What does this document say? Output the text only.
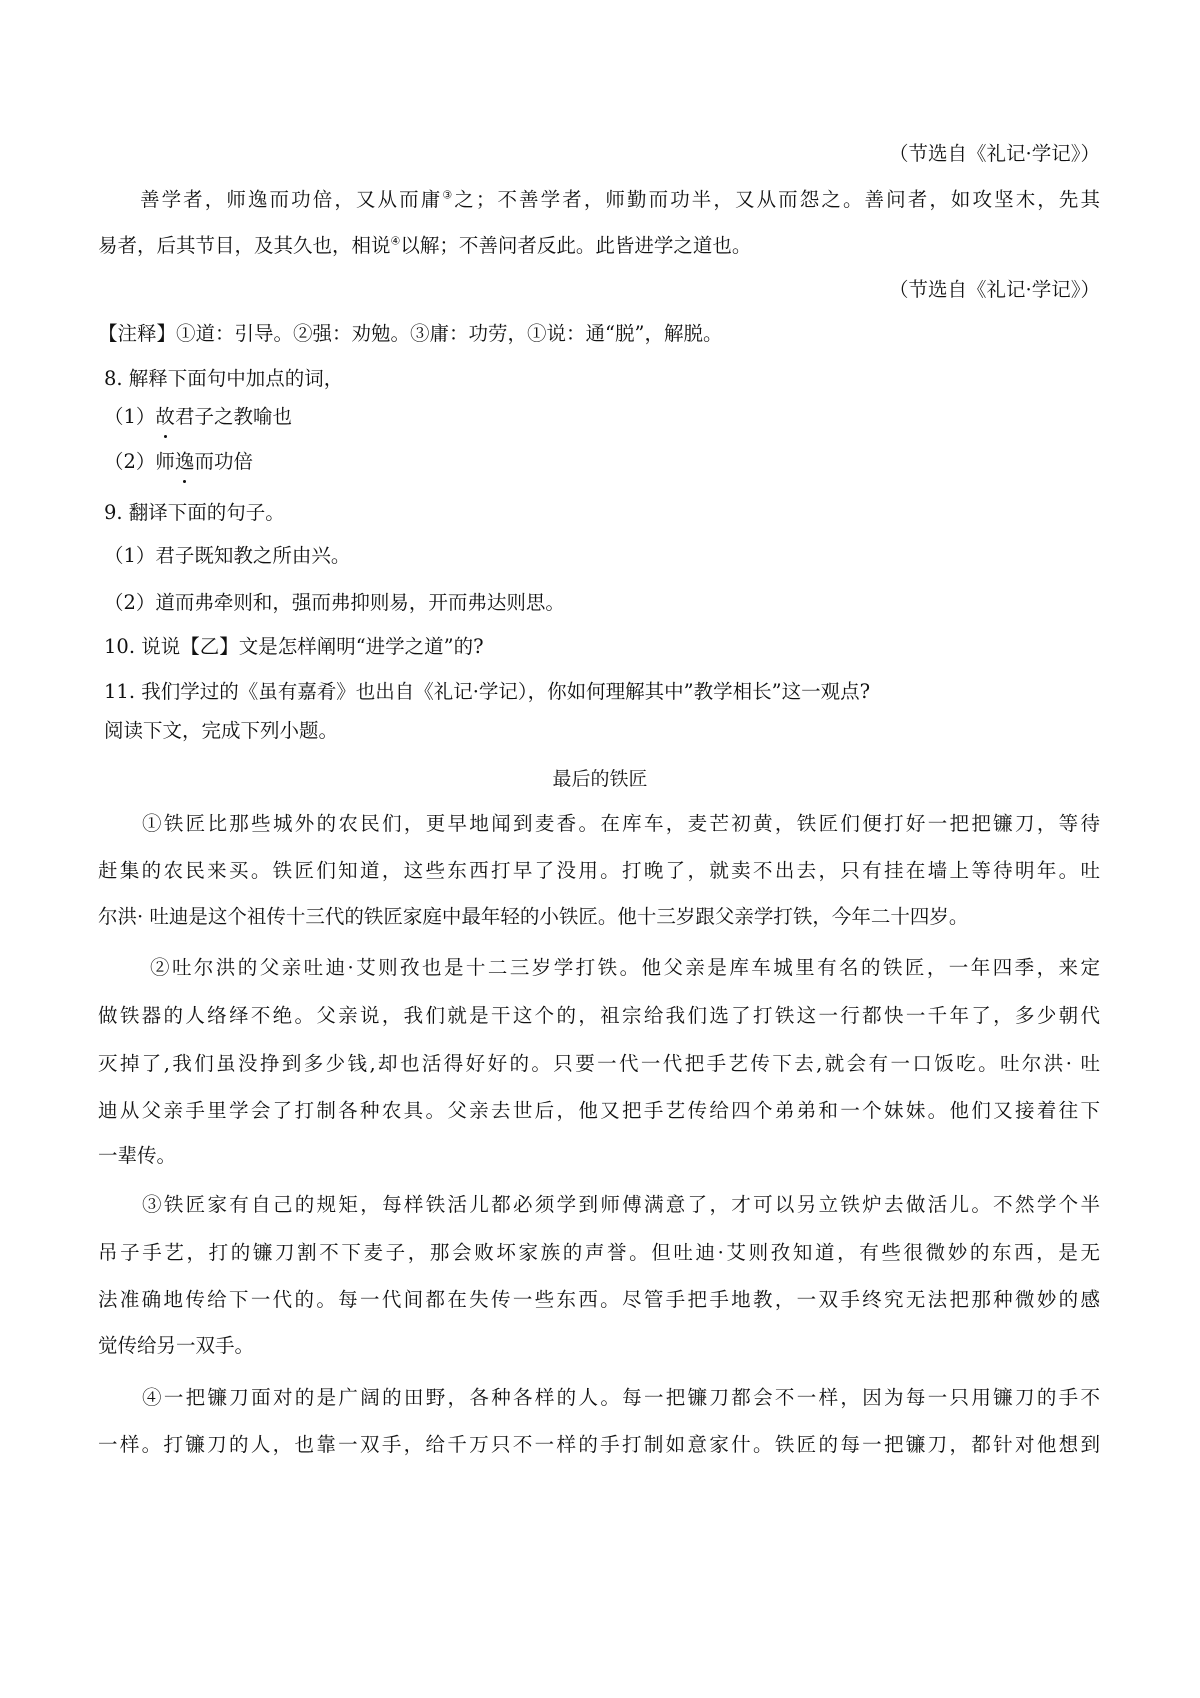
（节选自《礼记·学记》）
善学者，师逸而功倍，又从而庸③之；不善学者，师勤而功半，又从而怨之。善问者，如攻坚木，先其
易者，后其节目，及其久也，相说④以解；不善问者反此。此皆进学之道也。
（节选自《礼记·学记》）
【注释】①道：引导。②强：劝勉。③庸：功劳，①说：通“脱”，解脱。
8. 解释下面句中加点的词，
（1）故君子之教喻也
（2）师逸而功倍
9. 翻译下面的句子。
（1）君子既知教之所由兴。
（2）道而弗牵则和，强而弗抑则易，开而弗达则思。
10. 说说【乙】文是怎样阐明“进学之道”的?
11. 我们学过的《虽有嘉肴》也出自《礼记·学记），你如何理解其中”教学相长”这一观点?
阅读下文，完成下列小题。
最后的铁匠
①铁匠比那些城外的农民们，更早地闻到麦香。在库车，麦芒初黄，铁匠们便打好一把把镰刀，等待
赶集的农民来买。铁匠们知道，这些东西打早了没用。打晚了，就卖不出去，只有挂在墙上等待明年。吐
尔洪· 吐迪是这个祖传十三代的铁匠家庭中最年轻的小铁匠。他十三岁跟父亲学打铁，今年二十四岁。
②吐尔洪的父亲吐迪·艾则孜也是十二三岁学打铁。他父亲是库车城里有名的铁匠，一年四季，来定
做铁器的人络绎不绝。父亲说，我们就是干这个的，祖宗给我们选了打铁这一行都快一千年了，多少朝代
灭掉了,我们虽没挣到多少钱,却也活得好好的。只要一代一代把手艺传下去,就会有一口饭吃。吐尔洪· 吐
迪从父亲手里学会了打制各种农具。父亲去世后，他又把手艺传给四个弟弟和一个妹妹。他们又接着往下
一辈传。
③铁匠家有自己的规矩，每样铁活儿都必须学到师傅满意了，才可以另立铁炉去做活儿。不然学个半
吊子手艺，打的镰刀割不下麦子，那会败坏家族的声誉。但吐迪·艾则孜知道，有些很微妙的东西，是无
法准确地传给下一代的。每一代间都在失传一些东西。尽管手把手地教，一双手终究无法把那种微妙的感
觉传给另一双手。
④一把镰刀面对的是广阔的田野，各种各样的人。每一把镰刀都会不一样，因为每一只用镰刀的手不
一样。打镰刀的人，也靠一双手，给千万只不一样的手打制如意家什。铁匠的每一把镰刀，都针对他想到
